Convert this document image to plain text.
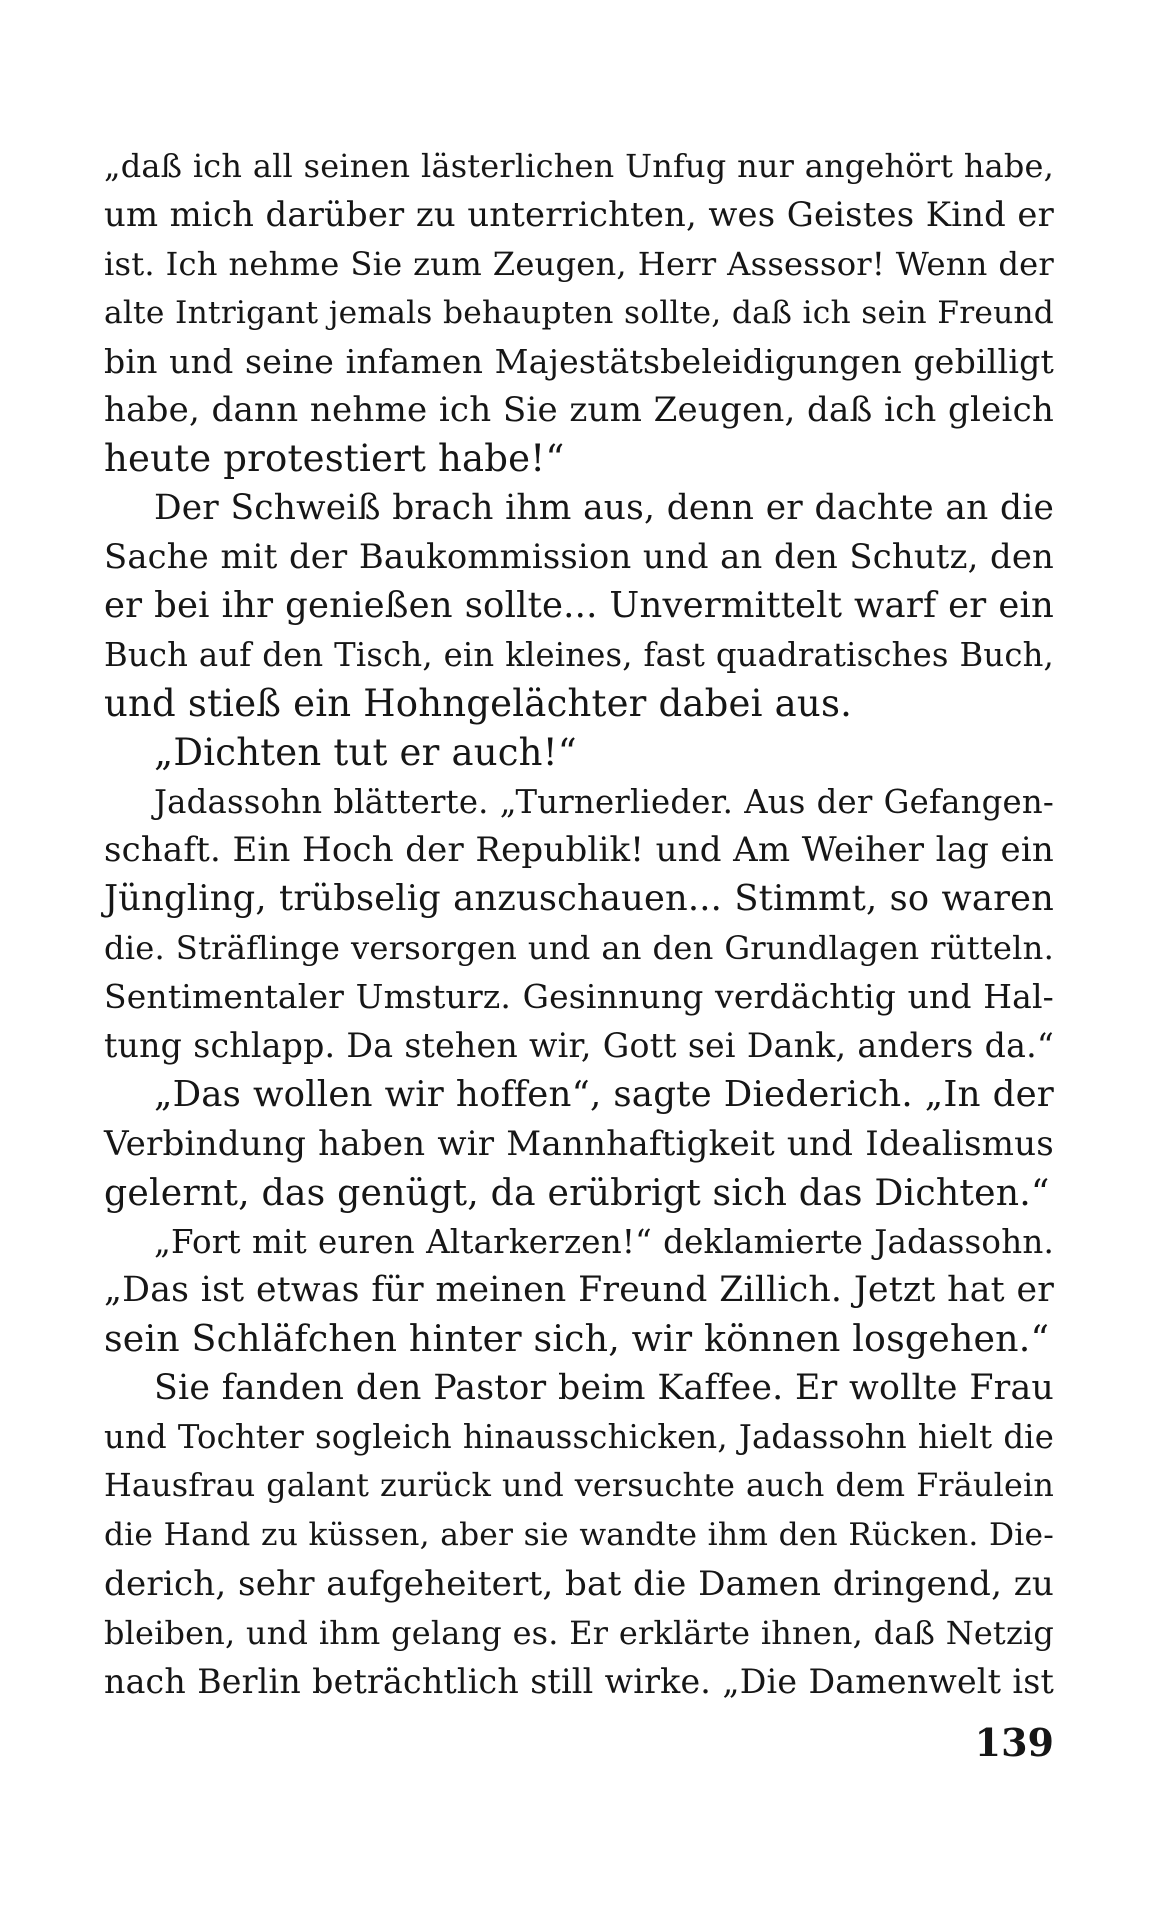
„daß ich all seinen lästerlichen Unfug nur angehört habe,
um mich darüber zu unterrichten, wes Geistes Kind er
ist. Ich nehme Sie zum Zeugen, Herr Assessor! Wenn der
alte Intrigant jemals behaupten sollte, daß ich sein Freund
bin und seine infamen Majestätsbeleidigungen gebilligt
habe, dann nehme ich Sie zum Zeugen, daß ich gleich
heute protestiert habe!“
Der Schweiß brach ihm aus, denn er dachte an die
Sache mit der Baukommission und an den Schutz, den
er bei ihr genießen sollte... Unvermittelt warf er ein
Buch auf den Tisch, ein kleines, fast quadratisches Buch,
und stieß ein Hohngelächter dabei aus.
„Dichten tut er auch!“
Jadassohn blätterte. „Turnerlieder. Aus der Gefangen-
schaft. Ein Hoch der Republik! und Am Weiher lag ein
Jüngling, trübselig anzuschauen... Stimmt, so waren
die. Sträflinge versorgen und an den Grundlagen rütteln.
Sentimentaler Umsturz. Gesinnung verdächtig und Hal-
tung schlapp. Da stehen wir, Gott sei Dank, anders da.“
„Das wollen wir hoffen“, sagte Diederich. „In der
Verbindung haben wir Mannhaftigkeit und Idealismus
gelernt, das genügt, da erübrigt sich das Dichten.“
„Fort mit euren Altarkerzen!“ deklamierte Jadassohn.
„Das ist etwas für meinen Freund Zillich. Jetzt hat er
sein Schläfchen hinter sich, wir können losgehen.“
Sie fanden den Pastor beim Kaffee. Er wollte Frau
und Tochter sogleich hinausschicken, Jadassohn hielt die
Hausfrau galant zurück und versuchte auch dem Fräulein
die Hand zu küssen, aber sie wandte ihm den Rücken. Die-
derich, sehr aufgeheitert, bat die Damen dringend, zu
bleiben, und ihm gelang es. Er erklärte ihnen, daß Netzig
nach Berlin beträchtlich still wirke. „Die Damenwelt ist
139
